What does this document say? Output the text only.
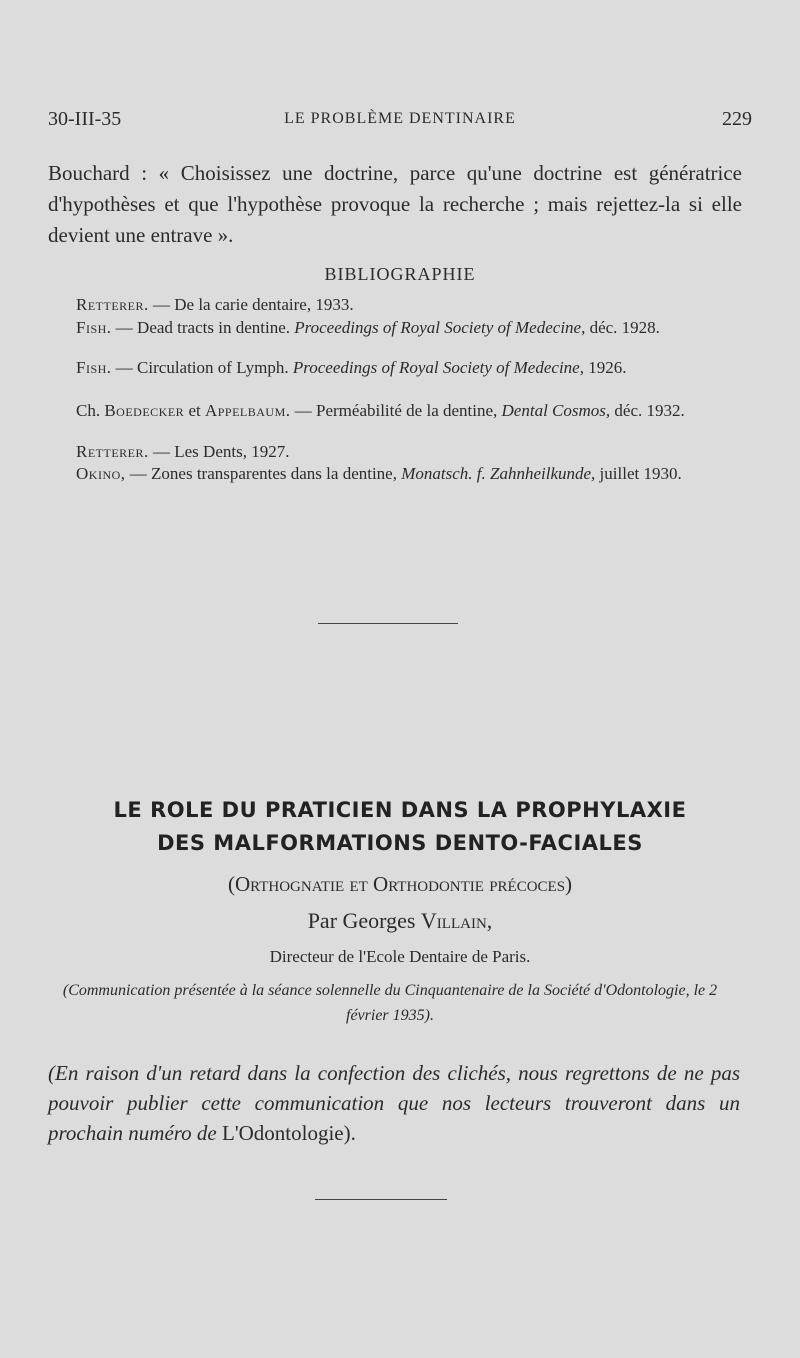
30-III-35	LE PROBLÈME DENTINAIRE	229
Bouchard : « Choisissez une doctrine, parce qu'une doctrine est génératrice d'hypothèses et que l'hypothèse provoque la recherche ; mais rejettez-la si elle devient une entrave ».
BIBLIOGRAPHIE
Retterer. — De la carie dentaire, 1933.
Fish. — Dead tracts in dentine. Proceedings of Royal Society of Medecine, déc. 1928.
Fish. — Circulation of Lymph. Proceedings of Royal Society of Medecine, 1926.
Ch. Boedecker et Appelbaum. — Perméabilité de la dentine, Dental Cosmos, déc. 1932.
Retterer. — Les Dents, 1927.
Okino, — Zones transparentes dans la dentine, Monatsch. f. Zahnheilkunde, juillet 1930.
LE ROLE DU PRATICIEN DANS LA PROPHYLAXIE
DES MALFORMATIONS DENTO-FACIALES
(Orthognatie et Orthodontie précoces)
Par Georges Villain,
Directeur de l'Ecole Dentaire de Paris.
(Communication présentée à la séance solennelle du Cinquantenaire de la Société d'Odontologie, le 2 février 1935).
(En raison d'un retard dans la confection des clichés, nous regrettons de ne pas pouvoir publier cette communication que nos lecteurs trouveront dans un prochain numéro de L'Odontologie).
